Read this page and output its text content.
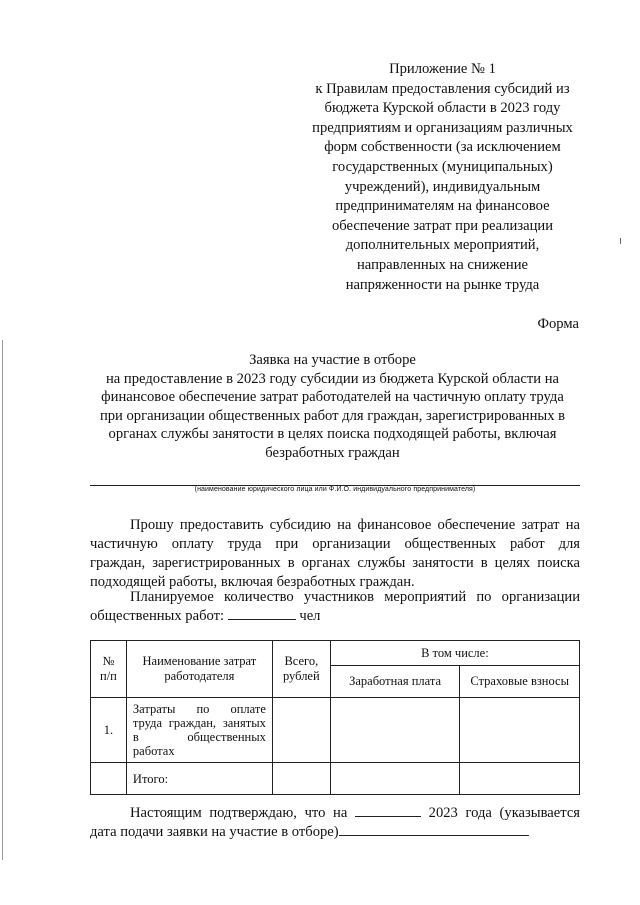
Приложение № 1
к Правилам предоставления субсидий из
бюджета Курской области в 2023 году
предприятиям и организациям различных
форм собственности (за исключением
государственных (муниципальных)
учреждений), индивидуальным
предпринимателям на финансовое
обеспечение затрат при реализации
дополнительных мероприятий,
направленных на снижение
напряженности на рынке труда
Форма
Заявка на участие в отборе
на предоставление в 2023 году субсидии из бюджета Курской области на
финансовое обеспечение затрат работодателей на частичную оплату труда
при организации общественных работ для граждан, зарегистрированных в
органах службы занятости в целях поиска подходящей работы, включая
безработных граждан
(наименование юридического лица или Ф.И.О. индивидуального предпринимателя)
Прошу предоставить субсидию на финансовое обеспечение затрат на
частичную оплату труда при организации общественных работ для
граждан, зарегистрированных в органах службы занятости в целях поиска
подходящей работы, включая безработных граждан.
Планируемое количество участников мероприятий по организации
общественных работ:	чел
№ п/п	Наименование затрат работодателя	Всего, рублей	В том числе:	
			Заработная плата	Страховые взносы
1.	Затраты по оплате
труда граждан, занятых
в общественных
работах			

	Итого:			
Настоящим подтверждаю, что на	2023 года (указывается
дата подачи заявки на участие в отборе)
